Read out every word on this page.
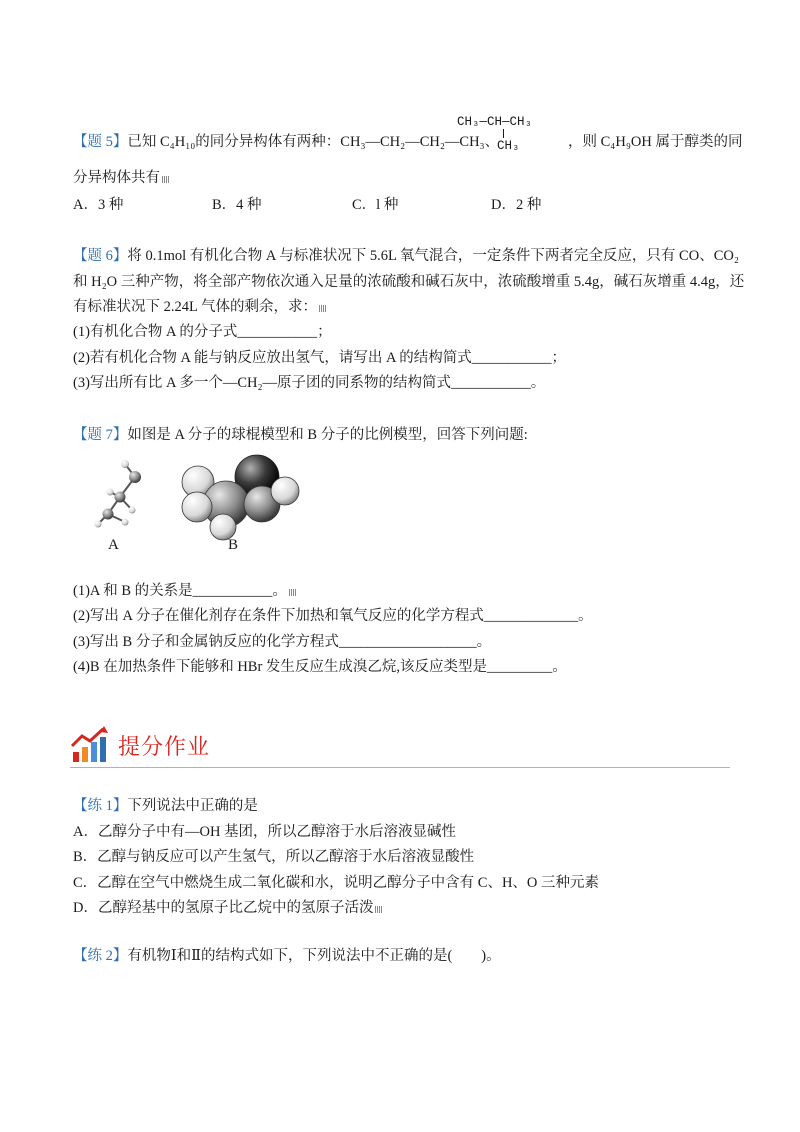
【题 5】已知 C₄H₁₀的同分异构体有两种：CH₃—CH₂—CH₂—CH₃、
CH₃—CH—CH₃
CH₃	，则 C₄H₉OH 属于醇类的同
分异构体共有
A．3 种	B．4 种	C．l 种	D．2 种
【题 6】将 0.1mol 有机化合物 A 与标准状况下 5.6L 氧气混合，一定条件下两者完全反应，只有 CO、CO₂
和 H₂O 三种产物，将全部产物依次通入足量的浓硫酸和碱石灰中，浓硫酸增重 5.4g，碱石灰增重 4.4g，还
有标准状况下 2.24L 气体的剩余，求：
(1)有机化合物 A 的分子式___________；
(2)若有机化合物 A 能与钠反应放出氢气，请写出 A 的结构简式___________；
(3)写出所有比 A 多一个—CH₂—原子团的同系物的结构简式___________。
【题 7】如图是 A 分子的球棍模型和 B 分子的比例模型，回答下列问题:
A	B
(1)A 和 B 的关系是___________。
(2)写出 A 分子在催化剂存在条件下加热和氧气反应的化学方程式_____________。
(3)写出 B 分子和金属钠反应的化学方程式___________________。
(4)B 在加热条件下能够和 HBr 发生反应生成溴乙烷,该反应类型是_________。
提分作业
【练 1】下列说法中正确的是
A．乙醇分子中有—OH 基团，所以乙醇溶于水后溶液显碱性
B．乙醇与钠反应可以产生氢气，所以乙醇溶于水后溶液显酸性
C．乙醇在空气中燃烧生成二氧化碳和水，说明乙醇分子中含有 C、H、O 三种元素
D．乙醇羟基中的氢原子比乙烷中的氢原子活泼
【练 2】有机物Ⅰ和Ⅱ的结构式如下，下列说法中不正确的是(　　)。
